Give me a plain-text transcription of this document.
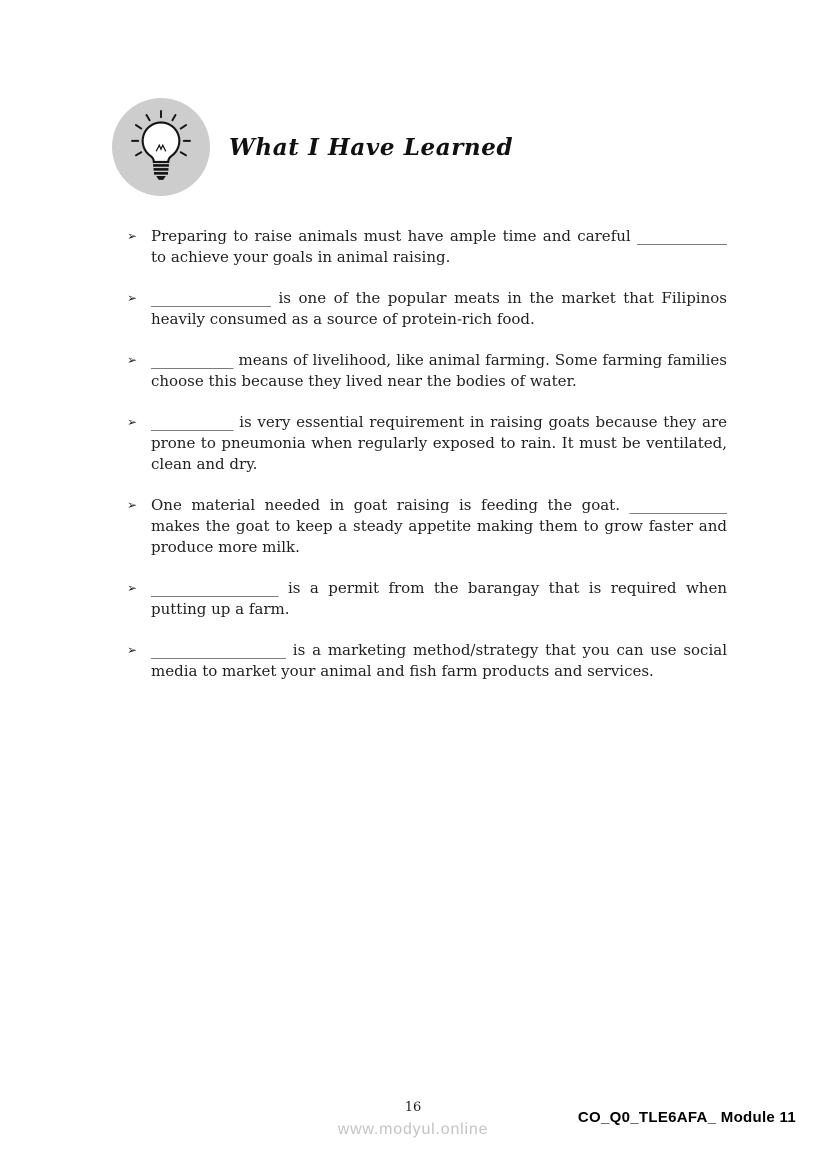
What I Have Learned
➢ Preparing to raise animals must have ample time and careful ____________ to achieve your goals in animal raising.
➢ ________________ is one of the popular meats in the market that Filipinos heavily consumed as a source of protein-rich food.
➢ ___________ means of livelihood, like animal farming. Some farming families choose this because they lived near the bodies of water.
➢ ___________ is very essential requirement in raising goats because they are prone to pneumonia when regularly exposed to rain. It must be ventilated, clean and dry.
➢ One material needed in goat raising is feeding the goat. _____________ makes the goat to keep a steady appetite making them to grow faster and produce more milk.
➢ _________________ is a permit from the barangay that is required when putting up a farm.
➢ __________________ is a marketing method/strategy that you can use social media to market your animal and fish farm products and services.
16
www.modyul.online
CO_Q0_TLE6AFA_ Module 11
